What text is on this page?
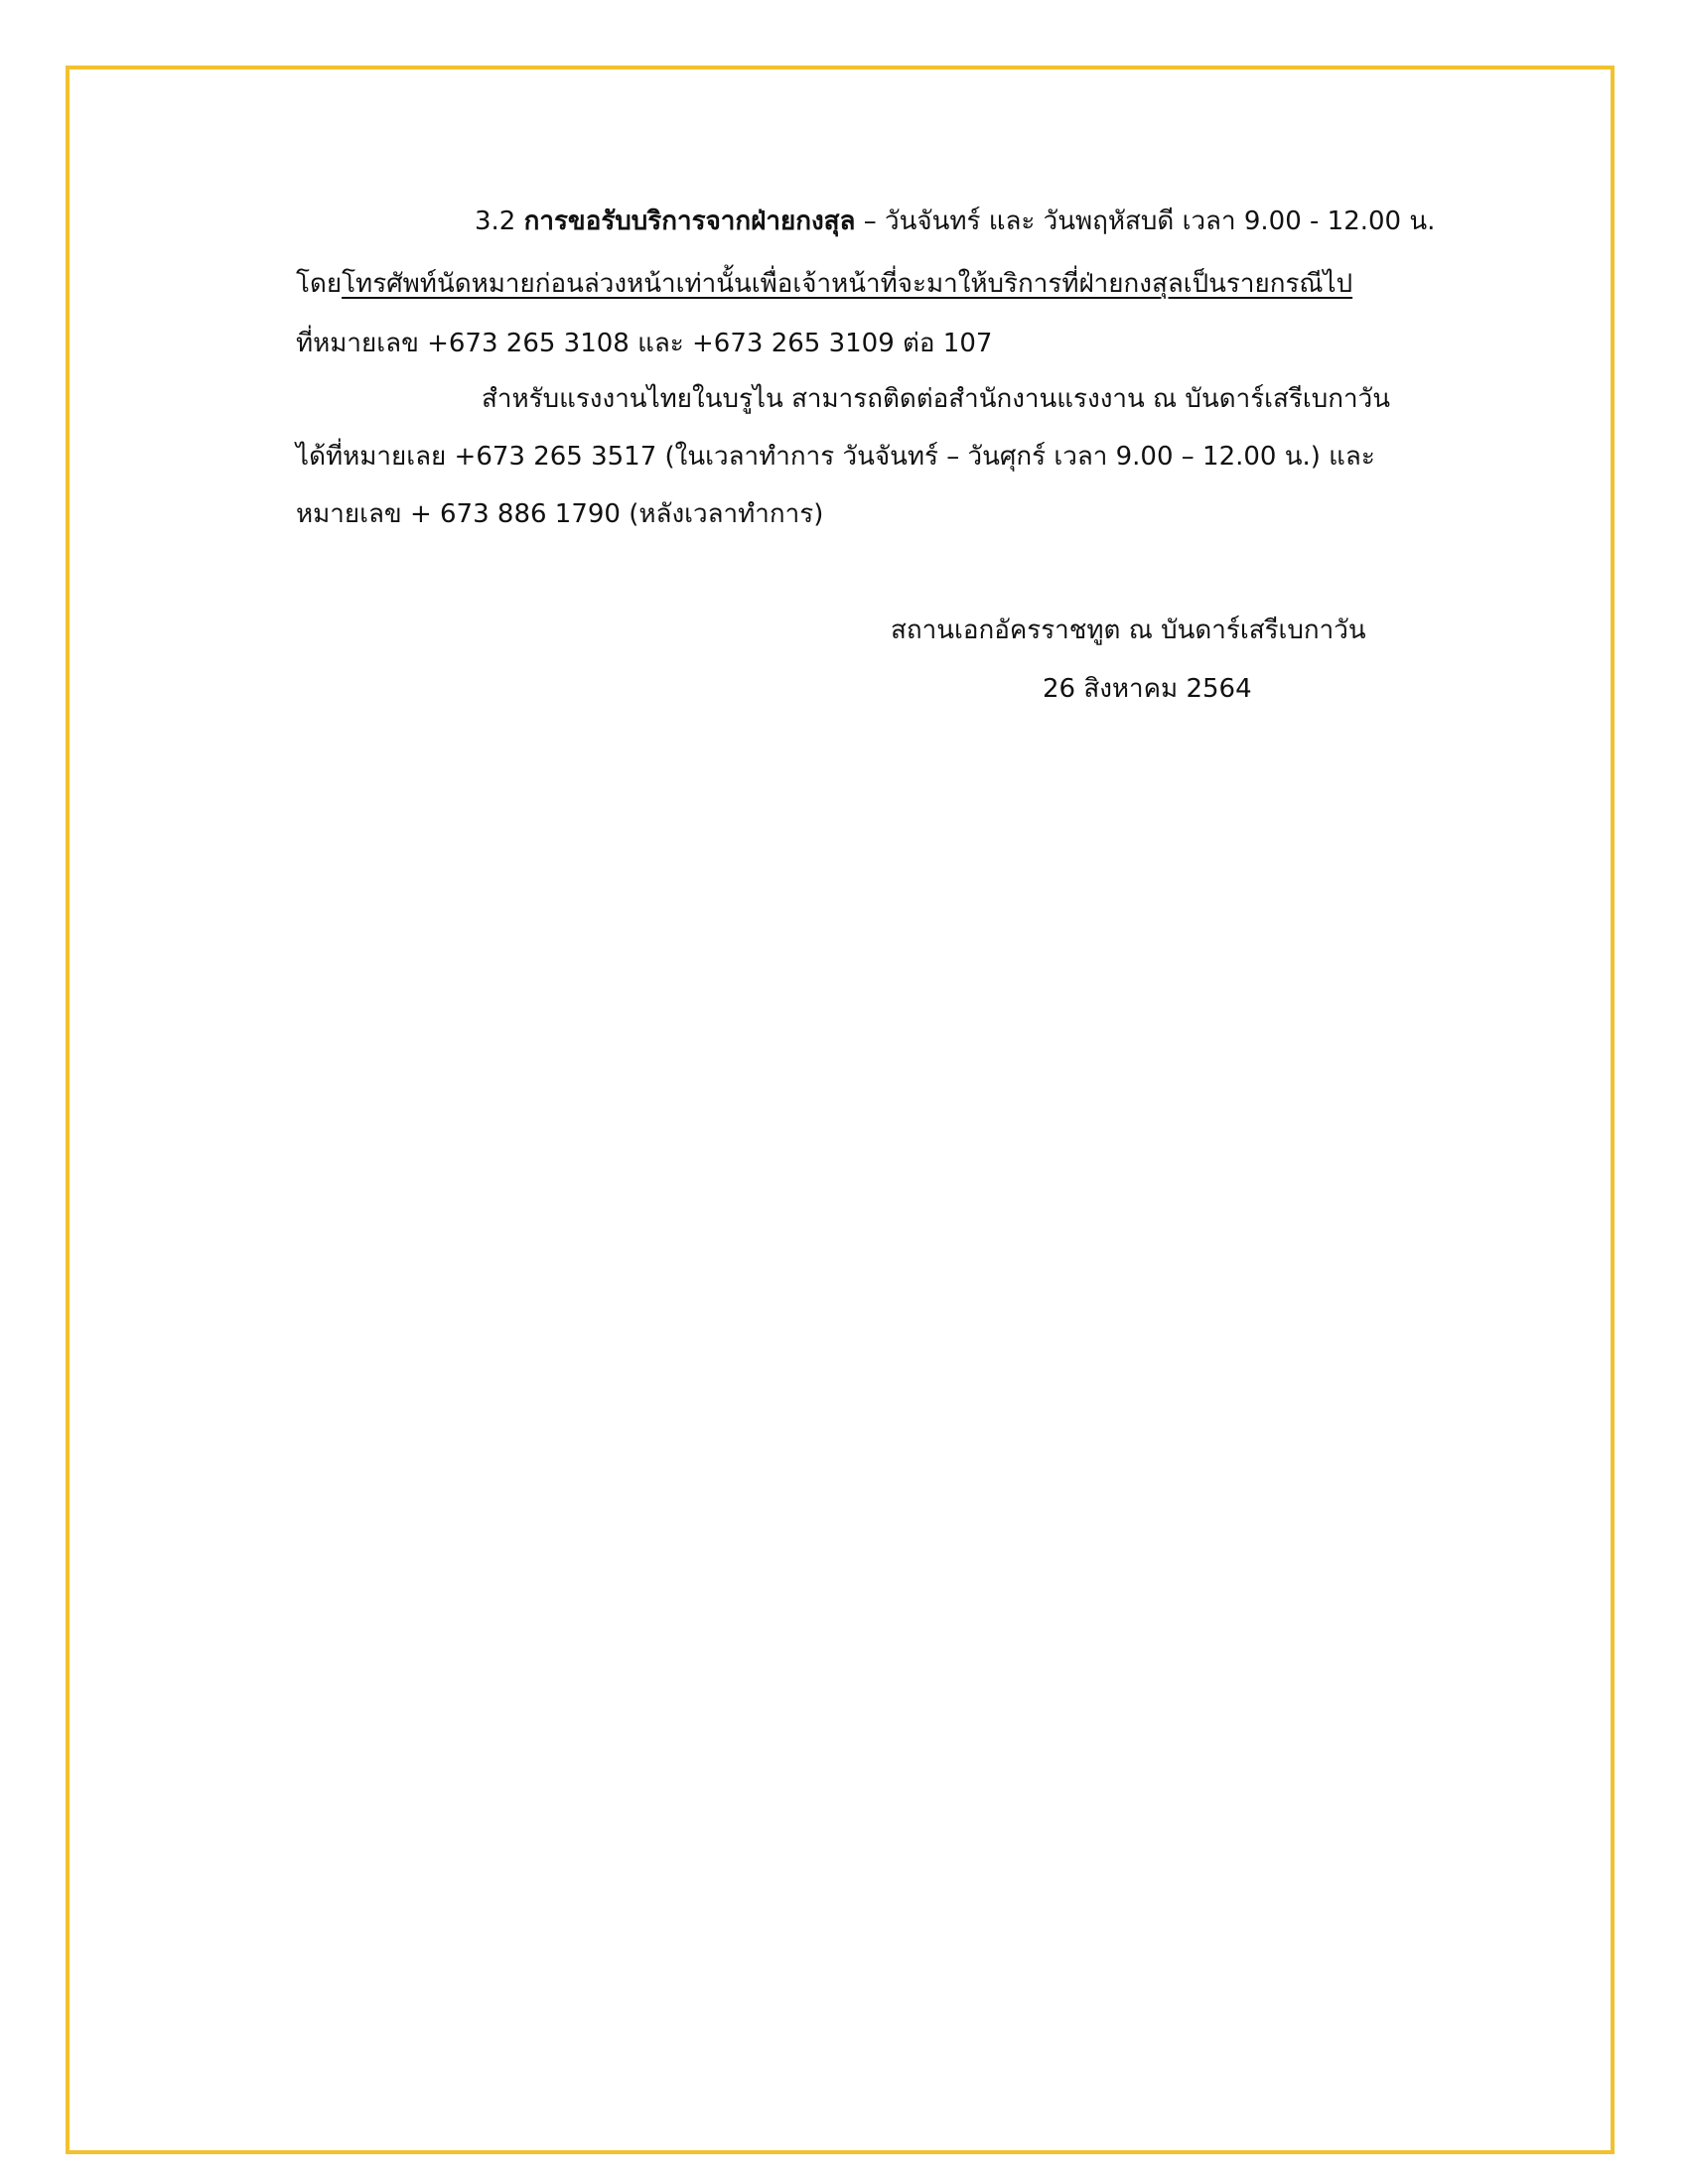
3.2 การขอรับบริการจากฝ่ายกงสุล – วันจันทร์ และ วันพฤหัสบดี เวลา 9.00 - 12.00 น.
โดยโทรศัพท์นัดหมายก่อนล่วงหน้าเท่านั้นเพื่อเจ้าหน้าที่จะมาให้บริการที่ฝ่ายกงสุลเป็นรายกรณีไป
ที่หมายเลข +673 265 3108 และ +673 265 3109 ต่อ 107
สำหรับแรงงานไทยในบรูไน สามารถติดต่อสำนักงานแรงงาน ณ บันดาร์เสรีเบกาวัน
ได้ที่หมายเลย +673 265 3517 (ในเวลาทำการ วันจันทร์ – วันศุกร์ เวลา 9.00 – 12.00 น.) และ
หมายเลข + 673 886 1790 (หลังเวลาทำการ)
สถานเอกอัครราชทูต ณ บันดาร์เสรีเบกาวัน
26 สิงหาคม 2564
